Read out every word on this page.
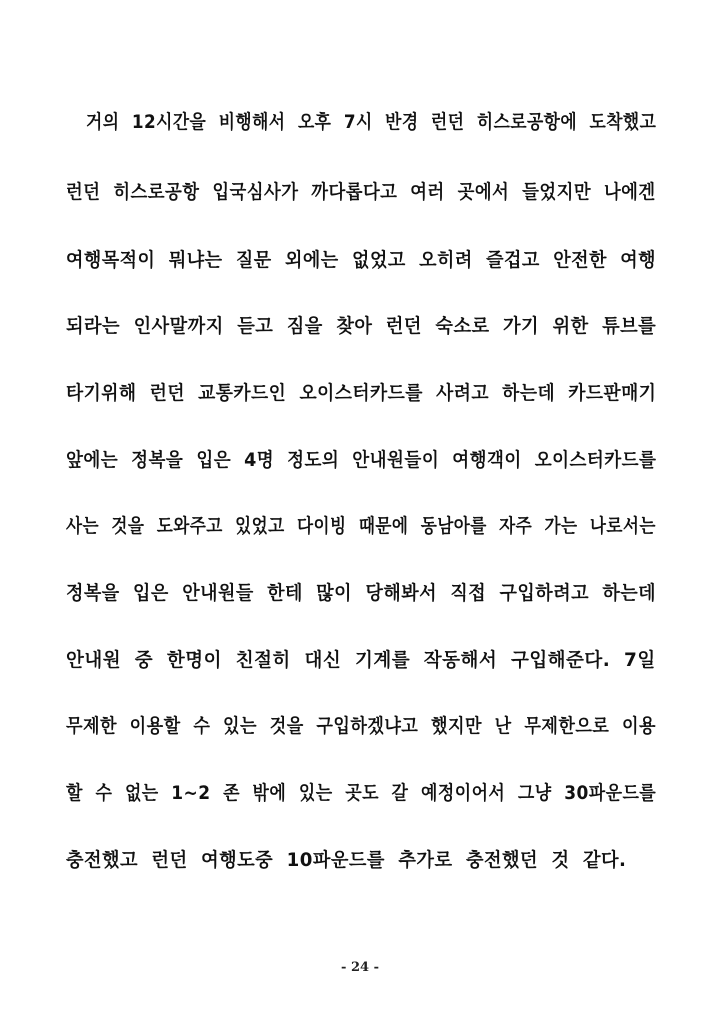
거의 12시간을 비행해서 오후 7시 반경 런던 히스로공항에 도착했고
런던 히스로공항 입국심사가 까다롭다고 여러 곳에서 들었지만 나에겐
여행목적이 뭐냐는 질문 외에는 없었고 오히려 즐겁고 안전한 여행
되라는 인사말까지 듣고 짐을 찾아 런던 숙소로 가기 위한 튜브를
타기위해 런던 교통카드인 오이스터카드를 사려고 하는데 카드판매기
앞에는 정복을 입은 4명 정도의 안내원들이 여행객이 오이스터카드를
사는 것을 도와주고 있었고 다이빙 때문에 동남아를 자주 가는 나로서는
정복을 입은 안내원들 한테 많이 당해봐서 직접 구입하려고 하는데
안내원 중 한명이 친절히 대신 기계를 작동해서 구입해준다. 7일
무제한 이용할 수 있는 것을 구입하겠냐고 했지만 난 무제한으로 이용
할 수 없는 1~2 존 밖에 있는 곳도 갈 예정이어서 그냥 30파운드를
충전했고 런던 여행도중 10파운드를 추가로 충전했던 것 같다.
- 24 -
